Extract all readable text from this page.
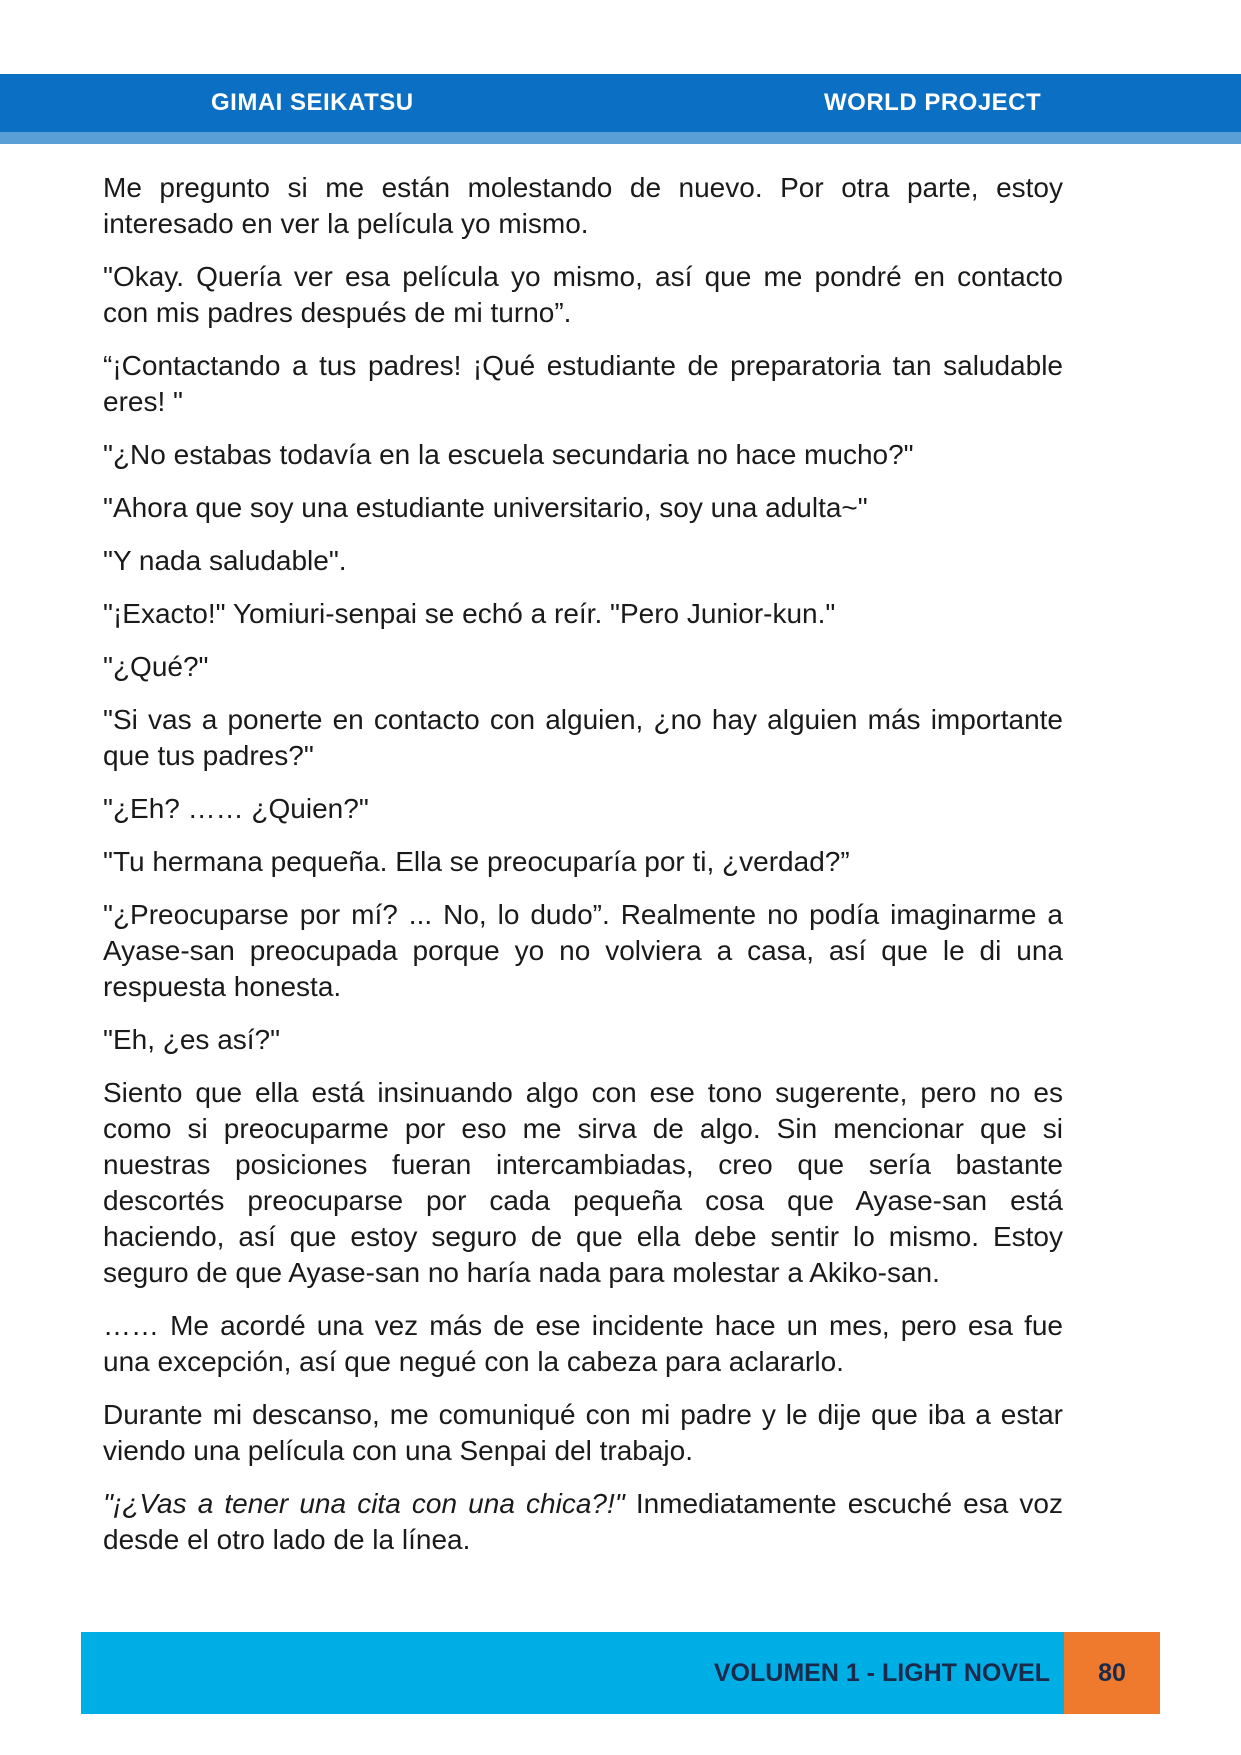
GIMAI SEIKATSU	WORLD PROJECT

Me pregunto si me están molestando de nuevo. Por otra parte, estoy interesado en ver la película yo mismo.

"Okay. Quería ver esa película yo mismo, así que me pondré en contacto con mis padres después de mi turno”.

“¡Contactando a tus padres! ¡Qué estudiante de preparatoria tan saludable eres! "

"¿No estabas todavía en la escuela secundaria no hace mucho?"

"Ahora que soy una estudiante universitario, soy una adulta~"

"Y nada saludable".

"¡Exacto!" Yomiuri-senpai se echó a reír. "Pero Junior-kun."

"¿Qué?"

"Si vas a ponerte en contacto con alguien, ¿no hay alguien más importante que tus padres?"

"¿Eh? …… ¿Quien?"

"Tu hermana pequeña. Ella se preocuparía por ti, ¿verdad?”

"¿Preocuparse por mí? ... No, lo dudo”. Realmente no podía imaginarme a Ayase-san preocupada porque yo no volviera a casa, así que le di una respuesta honesta.

"Eh, ¿es así?"

Siento que ella está insinuando algo con ese tono sugerente, pero no es como si preocuparme por eso me sirva de algo. Sin mencionar que si nuestras posiciones fueran intercambiadas, creo que sería bastante descortés preocuparse por cada pequeña cosa que Ayase-san está haciendo, así que estoy seguro de que ella debe sentir lo mismo. Estoy seguro de que Ayase-san no haría nada para molestar a Akiko-san.

…… Me acordé una vez más de ese incidente hace un mes, pero esa fue una excepción, así que negué con la cabeza para aclararlo.

Durante mi descanso, me comuniqué con mi padre y le dije que iba a estar viendo una película con una Senpai del trabajo.

"¡¿Vas a tener una cita con una chica?!" Inmediatamente escuché esa voz desde el otro lado de la línea.

VOLUMEN 1 - LIGHT NOVEL	80
